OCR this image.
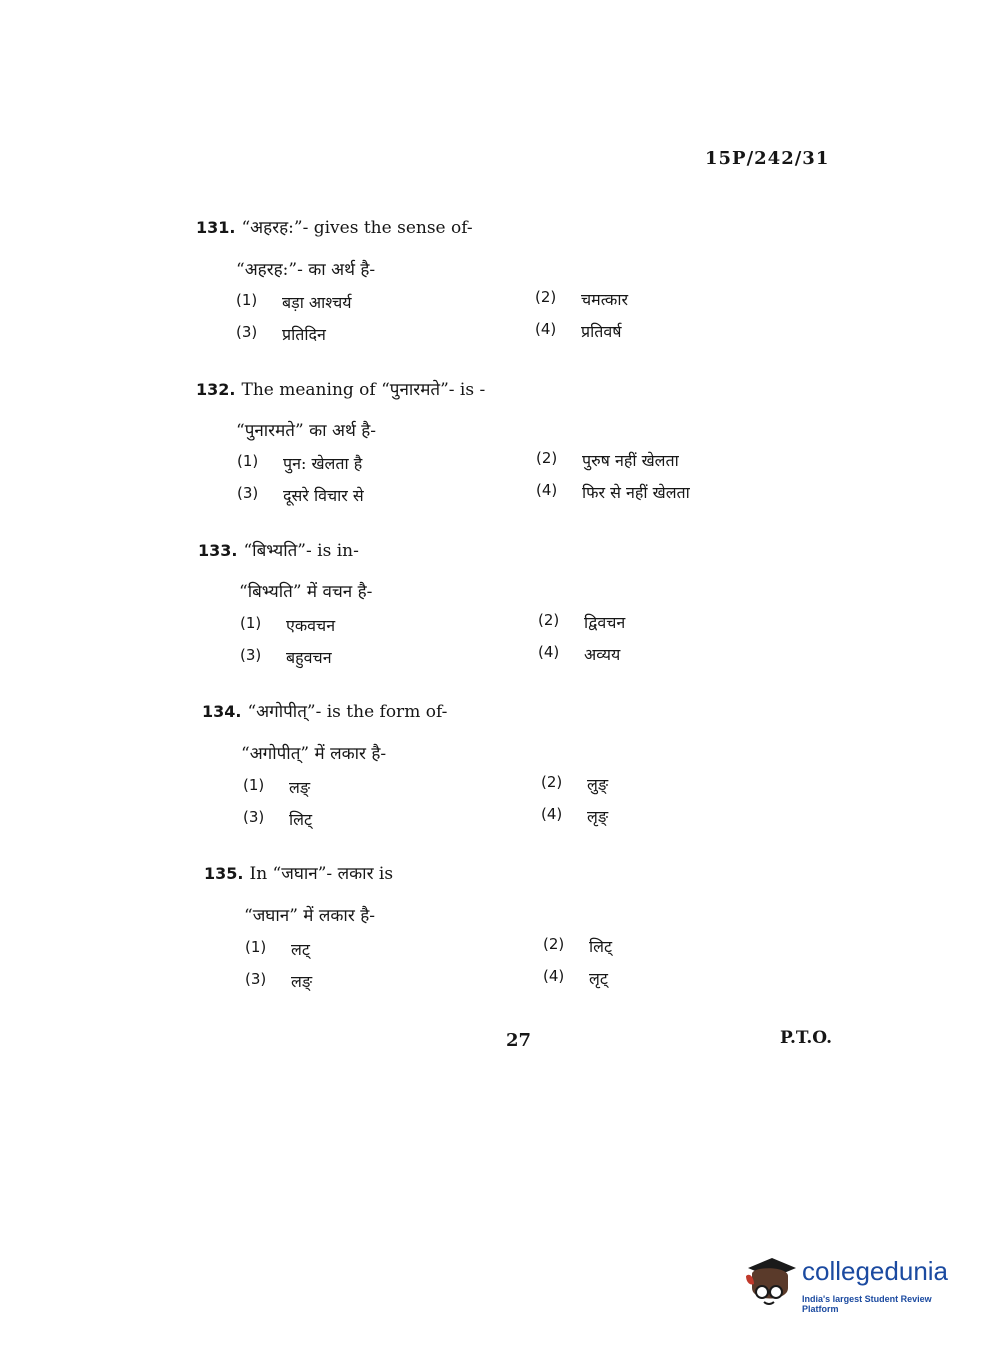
15P/242/31
131. “अहरह:”- gives the sense of-
“अहरह:”- का अर्थ है-
(1) बड़ा आश्चर्य	(2) चमत्कार
(3) प्रतिदिन	(4) प्रतिवर्ष
132. The meaning of “पुनारमते”- is -
“पुनारमते” का अर्थ है-
(1) पुन: खेलता है	(2) पुरुष नहीं खेलता
(3) दूसरे विचार से	(4) फिर से नहीं खेलता
133. “बिभ्यति”- is in-
“बिभ्यति” में वचन है-
(1) एकवचन	(2) द्विवचन
(3) बहुवचन	(4) अव्यय
134. “अगोपीत्”- is the form of-
“अगोपीत्” में लकार है-
(1) लङ्	(2) लुङ्
(3) लिट्	(4) लृङ्
135. In “जघान”- लकार is
“जघान” में लकार है-
(1) लट्	(2) लिट्
(3) लङ्	(4) लृट्
27	P.T.O.
collegedunia
India's largest Student Review Platform
